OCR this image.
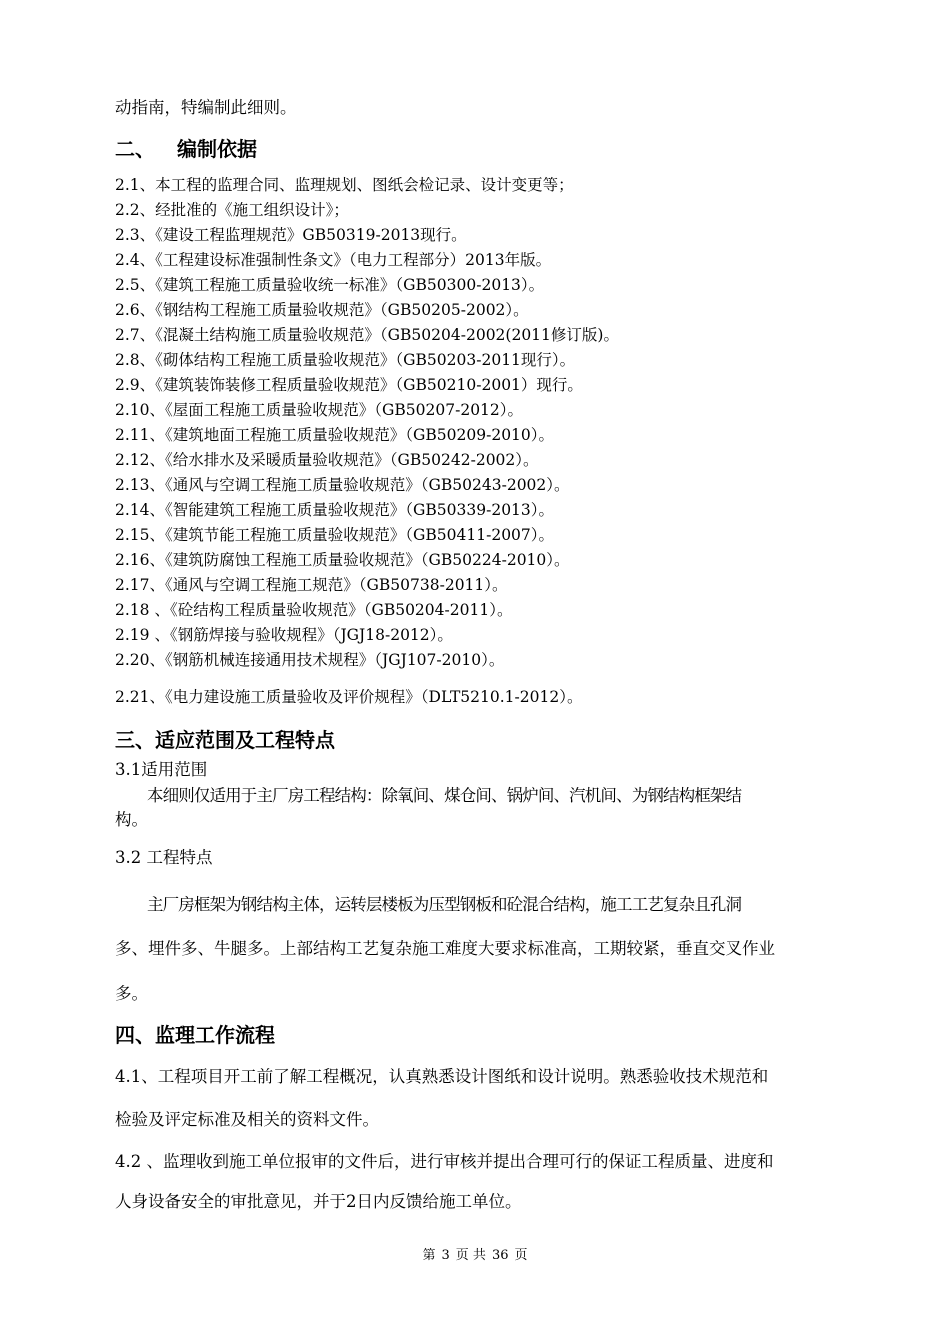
动指南，特编制此细则。
二、 编制依据
2.1、本工程的监理合同、监理规划、图纸会检记录、设计变更等；
2.2、经批准的《施工组织设计》；
2.3、《建设工程监理规范》GB50319-2013现行。
2.4、《工程建设标准强制性条文》（电力工程部分）2013年版。
2.5、《建筑工程施工质量验收统一标准》（GB50300-2013）。
2.6、《钢结构工程施工质量验收规范》（GB50205-2002）。
2.7、《混凝土结构施工质量验收规范》（GB50204-2002(2011修订版)。
2.8、《砌体结构工程施工质量验收规范》（GB50203-2011现行）。
2.9、《建筑装饰装修工程质量验收规范》（GB50210-2001）现行。
2.10、《屋面工程施工质量验收规范》（GB50207-2012）。
2.11、《建筑地面工程施工质量验收规范》（GB50209-2010）。
2.12、《给水排水及采暖质量验收规范》（GB50242-2002）。
2.13、《通风与空调工程施工质量验收规范》（GB50243-2002）。
2.14、《智能建筑工程施工质量验收规范》（GB50339-2013）。
2.15、《建筑节能工程施工质量验收规范》（GB50411-2007）。
2.16、《建筑防腐蚀工程施工质量验收规范》（GB50224-2010）。
2.17、《通风与空调工程施工规范》（GB50738-2011）。
2.18 、《砼结构工程质量验收规范》（GB50204-2011）。
2.19 、《钢筋焊接与验收规程》（JGJ18-2012）。
2.20、《钢筋机械连接通用技术规程》（JGJ107-2010）。
2.21、《电力建设施工质量验收及评价规程》（DLT5210.1-2012）。
三、适应范围及工程特点
3.1适用范围
本细则仅适用于主厂房工程结构：除氧间、煤仓间、锅炉间、汽机间、为钢结构框架结
构。
3.2 工程特点
主厂房框架为钢结构主体，运转层楼板为压型钢板和砼混合结构，施工工艺复杂且孔洞
多、埋件多、牛腿多。上部结构工艺复杂施工难度大要求标准高，工期较紧，垂直交叉作业
多。
四、监理工作流程
4.1、工程项目开工前了解工程概况，认真熟悉设计图纸和设计说明。熟悉验收技术规范和
检验及评定标准及相关的资料文件。
4.2 、监理收到施工单位报审的文件后，进行审核并提出合理可行的保证工程质量、进度和
人身设备安全的审批意见，并于2日内反馈给施工单位。
第 3 页 共 36 页
